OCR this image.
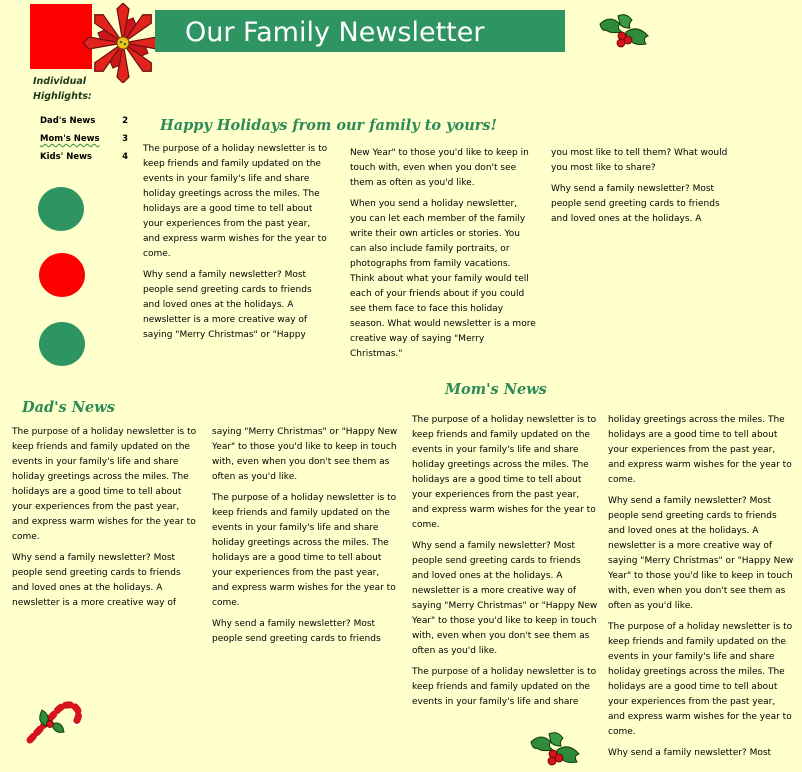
Our Family Newsletter
Individual Highlights:
Dad's News	2
Mom's News	3
Kids' News	4
Happy Holidays from our family to yours!

The purpose of a holiday newsletter is to keep friends and family updated on the events in your family's life and share holiday greetings across the miles. The holidays are a good time to tell about your experiences from the past year, and express warm wishes for the year to come.

Why send a family newsletter? Most people send greeting cards to friends and loved ones at the holidays. A newsletter is a more creative way of saying "Merry Christmas" or "Happy

New Year" to those you'd like to keep in touch with, even when you don't see them as often as you'd like.

When you send a holiday newsletter, you can let each member of the family write their own articles or stories. You can also include family portraits, or photographs from family vacations. Think about what your family would tell each of your friends about if you could see them face to face this holiday season. What would newsletter is a more creative way of saying "Merry Christmas."

you most like to tell them? What would you most like to share?

Why send a family newsletter? Most people send greeting cards to friends and loved ones at the holidays. A

Dad's News

The purpose of a holiday newsletter is to keep friends and family updated on the events in your family's life and share holiday greetings across the miles. The holidays are a good time to tell about your experiences from the past year, and express warm wishes for the year to come.

Why send a family newsletter? Most people send greeting cards to friends and loved ones at the holidays. A newsletter is a more creative way of

saying "Merry Christmas" or "Happy New Year" to those you'd like to keep in touch with, even when you don't see them as often as you'd like.

The purpose of a holiday newsletter is to keep friends and family updated on the events in your family's life and share holiday greetings across the miles. The holidays are a good time to tell about your experiences from the past year, and express warm wishes for the year to come.

Why send a family newsletter? Most people send greeting cards to friends

Mom's News

The purpose of a holiday newsletter is to keep friends and family updated on the events in your family's life and share holiday greetings across the miles. The holidays are a good time to tell about your experiences from the past year, and express warm wishes for the year to come.

Why send a family newsletter? Most people send greeting cards to friends and loved ones at the holidays. A newsletter is a more creative way of saying "Merry Christmas" or "Happy New Year" to those you'd like to keep in touch with, even when you don't see them as often as you'd like.

The purpose of a holiday newsletter is to keep friends and family updated on the events in your family's life and share

holiday greetings across the miles. The holidays are a good time to tell about your experiences from the past year, and express warm wishes for the year to come.

Why send a family newsletter? Most people send greeting cards to friends and loved ones at the holidays. A newsletter is a more creative way of saying "Merry Christmas" or "Happy New Year" to those you'd like to keep in touch with, even when you don't see them as often as you'd like.

The purpose of a holiday newsletter is to keep friends and family updated on the events in your family's life and share holiday greetings across the miles. The holidays are a good time to tell about your experiences from the past year, and express warm wishes for the year to come.

Why send a family newsletter? Most
